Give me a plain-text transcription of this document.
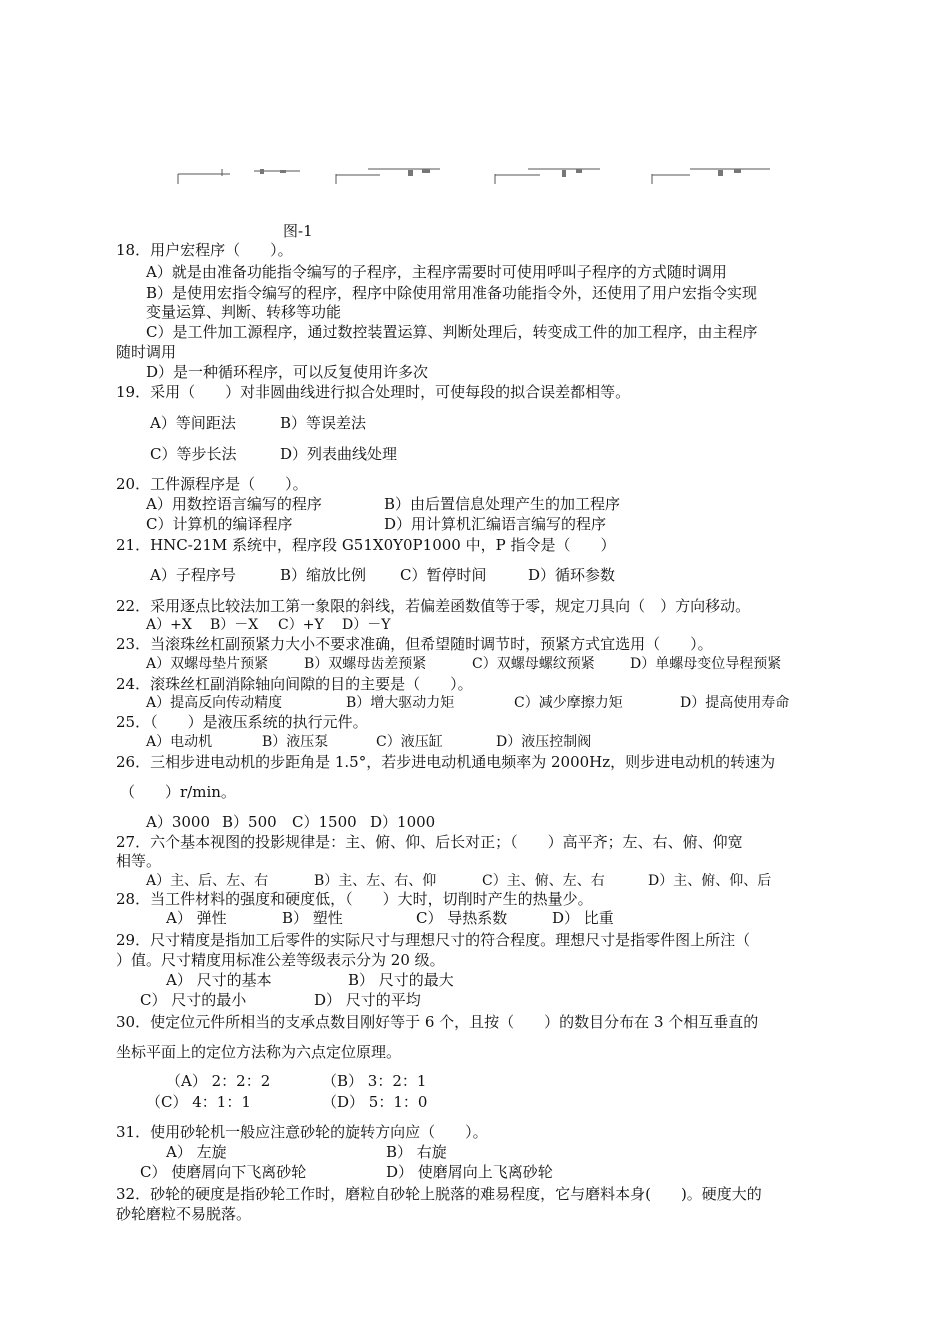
图-1
18．用户宏程序（　　）。
A）就是由准备功能指令编写的子程序，主程序需要时可使用呼叫子程序的方式随时调用
B）是使用宏指令编写的程序，程序中除使用常用准备功能指令外，还使用了用户宏指令实现
变量运算、判断、转移等功能
C）是工件加工源程序，通过数控装置运算、判断处理后，转变成工件的加工程序，由主程序
随时调用
D）是一种循环程序，可以反复使用许多次
19．采用（　　）对非圆曲线进行拟合处理时，可使每段的拟合误差都相等。
A）等间距法	B）等误差法
C）等步长法	D）列表曲线处理
20．工件源程序是（　　）。
A）用数控语言编写的程序	B）由后置信息处理产生的加工程序
C）计算机的编译程序	D）用计算机汇编语言编写的程序
21．HNC-21M 系统中，程序段 G51X0Y0P1000 中，P 指令是（　　）
A）子程序号	B）缩放比例 C）暂停时间	D）循环参数
22．采用逐点比较法加工第一象限的斜线，若偏差函数值等于零，规定刀具向（　）方向移动。
A）+X B）－X C）+Y D）－Y
23．当滚珠丝杠副预紧力大小不要求准确，但希望随时调节时，预紧方式宜选用（　　）。
A）双螺母垫片预紧	B）双螺母齿差预紧	C）双螺母螺纹预紧	D）单螺母变位导程预紧
24．滚珠丝杠副消除轴向间隙的目的主要是（　　）。
A）提高反向传动精度	B）增大驱动力矩	C）减少摩擦力矩	D）提高使用寿命
25．（　　）是液压系统的执行元件。
A）电动机	B）液压泵	C）液压缸	D）液压控制阀
26．三相步进电动机的步距角是 1.5°，若步进电动机通电频率为 2000Hz，则步进电动机的转速为
（　　）r/min。
A）3000 B）500 C）1500 D）1000
27．六个基本视图的投影规律是：主、俯、仰、后长对正；（　　）高平齐；左、右、俯、仰宽
相等。
A）主、后、左、右	B）主、左、右、仰	C）主、俯、左、右	D）主、俯、仰、后
28．当工件材料的强度和硬度低，（　　）大时，切削时产生的热量少。
A） 弹性	B） 塑性	C） 导热系数	D） 比重
29．尺寸精度是指加工后零件的实际尺寸与理想尺寸的符合程度。理想尺寸是指零件图上所注（
）值。尺寸精度用标准公差等级表示分为 20 级。
A） 尺寸的基本	B） 尺寸的最大
C） 尺寸的最小	D） 尺寸的平均
30．使定位元件所相当的支承点数目刚好等于 6 个，且按（　　）的数目分布在 3 个相互垂直的
坐标平面上的定位方法称为六点定位原理。
（A） 2：2：2	（B） 3：2：1
（C） 4：1：1	（D） 5：1：0
31．使用砂轮机一般应注意砂轮的旋转方向应（　　）。
A） 左旋	B） 右旋
C） 使磨屑向下飞离砂轮	D） 使磨屑向上飞离砂轮
32．砂轮的硬度是指砂轮工作时，磨粒自砂轮上脱落的难易程度，它与磨料本身(　　)。硬度大的
砂轮磨粒不易脱落。
